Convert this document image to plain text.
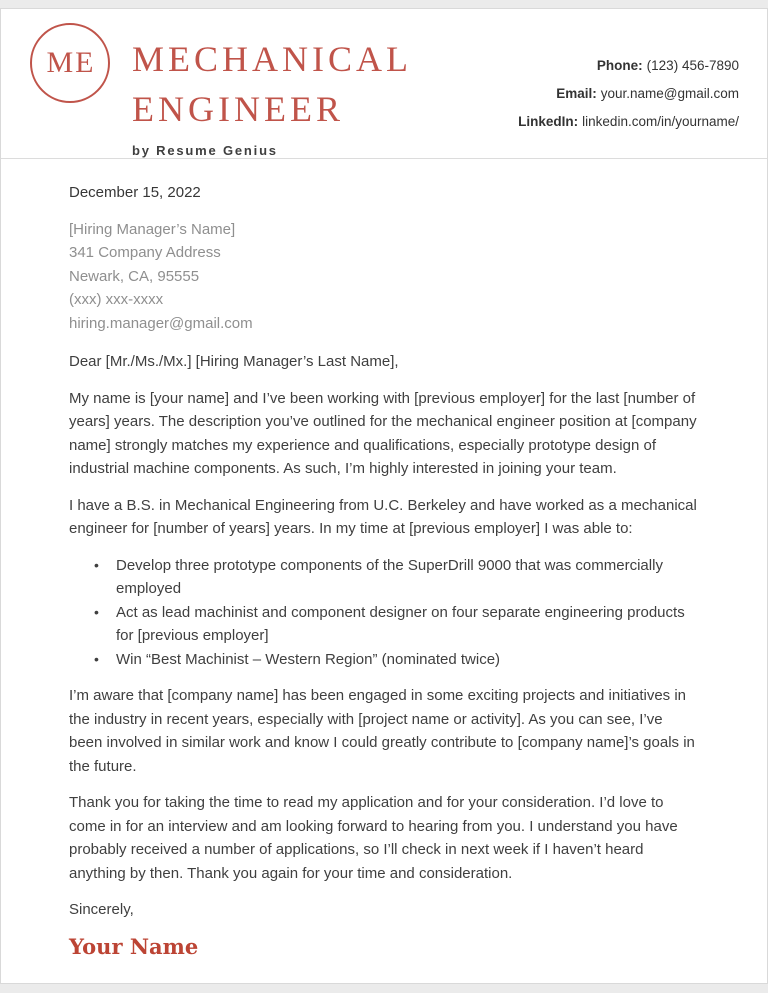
ME MECHANICAL
ENGINEER
by Resume Genius
Phone: (123) 456-7890
Email: your.name@gmail.com
LinkedIn: linkedin.com/in/yourname/

December 15, 2022

[Hiring Manager’s Name]
341 Company Address
Newark, CA, 95555
(xxx) xxx-xxxx
hiring.manager@gmail.com

Dear [Mr./Ms./Mx.] [Hiring Manager’s Last Name],

My name is [your name] and I’ve been working with [previous employer] for the last [number of years] years. The description you’ve outlined for the mechanical engineer position at [company name] strongly matches my experience and qualifications, especially prototype design of industrial machine components. As such, I’m highly interested in joining your team.

I have a B.S. in Mechanical Engineering from U.C. Berkeley and have worked as a mechanical engineer for [number of years] years. In my time at [previous employer] I was able to:

• Develop three prototype components of the SuperDrill 9000 that was commercially employed
• Act as lead machinist and component designer on four separate engineering products for [previous employer]
• Win “Best Machinist – Western Region” (nominated twice)

I’m aware that [company name] has been engaged in some exciting projects and initiatives in the industry in recent years, especially with [project name or activity]. As you can see, I’ve been involved in similar work and know I could greatly contribute to [company name]’s goals in the future.

Thank you for taking the time to read my application and for your consideration. I’d love to come in for an interview and am looking forward to hearing from you. I understand you have probably received a number of applications, so I’ll check in next week if I haven’t heard anything by then. Thank you again for your time and consideration.

Sincerely,

Your Name
